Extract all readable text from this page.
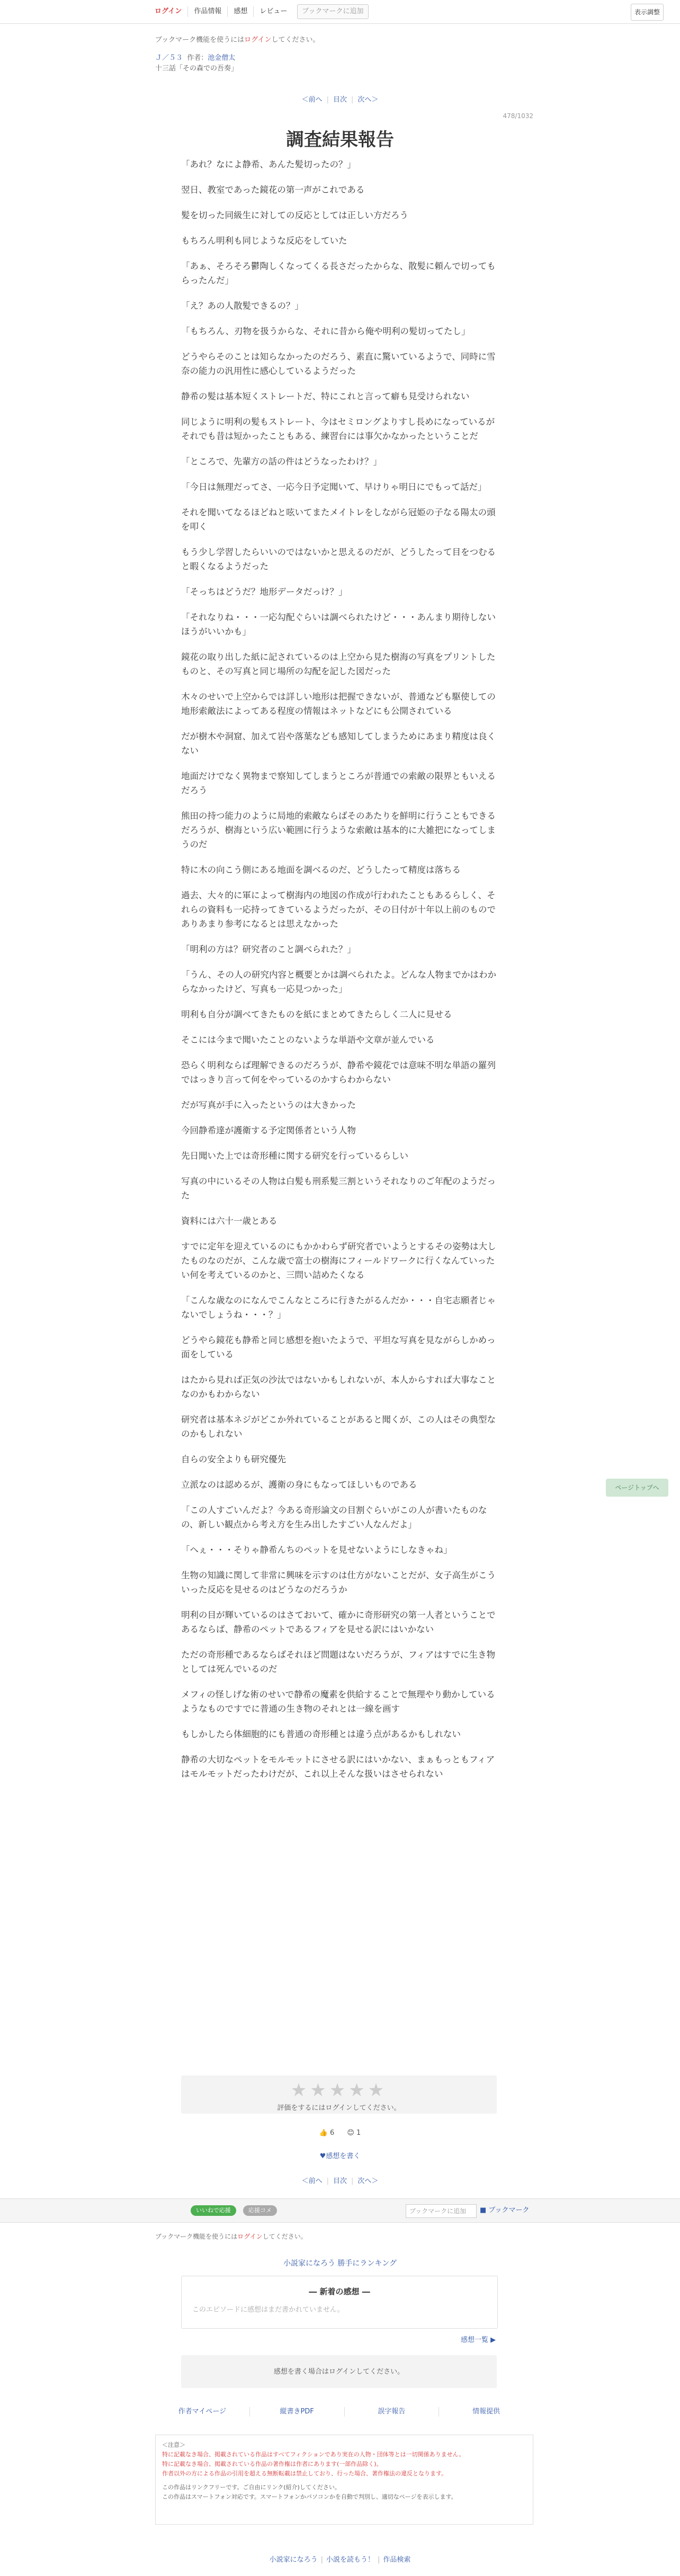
ログイン	作品情報	感想	レビュー	ブックマークに追加	表示調整
ブックマーク機能を使うにはログインしてください。
Ｊ／５３ 作者：池金僧太
十三話「その森での吾奏」
＜前へ | 目次 | 次へ＞
478/1032
調査結果報告

「あれ？なによ静希、あんた髪切ったの？」

翌日、教室であった鏡花の第一声がこれである

髪を切った同級生に対しての反応としては正しい方だろう

もちろん明利も同じような反応をしていた

「あぁ、そろそろ鬱陶しくなってくる長さだったからな、散髪に頼んで切ってもらったんだ」

「え？あの人散髪できるの？」

「もちろん、刃物を扱うからな、それに昔から俺や明利の髪切ってたし」

どうやらそのことは知らなかったのだろう、素直に驚いているようで、同時に雪奈の能力の汎用性に感心しているようだった

静希の髪は基本短くストレートだ、特にこれと言って癖も見受けられない

同じように明利の髪もストレート、今はセミロングよりすし長めになっているがそれでも昔は短かったこともある、練習台には事欠かなかったということだ

「ところで、先輩方の話の件はどうなったわけ？」

「今日は無理だってさ、一応今日予定聞いて、早けりゃ明日にでもって話だ」

それを聞いてなるほどねと呟いてまたメイトレをしながら冠姫の子なる陽太の頭を叩く

もう少し学習したらいいのではないかと思えるのだが、どうしたって目をつむると暇くなるようだった

「そっちはどうだ？地形データだっけ？」

「それなりね・・・一応勾配ぐらいは調べられたけど・・・あんまり期待しないほうがいいかも」

鏡花の取り出した紙に記されているのは上空から見た樹海の写真をプリントしたものと、その写真と同じ場所の勾配を記した図だった

木々のせいで上空からでは詳しい地形は把握できないが、普通なども駆使しての地形索敵法によってある程度の情報はネットなどにも公開されている

だが樹木や洞窟、加えて岩や落葉なども感知してしまうためにあまり精度は良くない

地面だけでなく異物まで察知してしまうところが普通での索敵の限界ともいえるだろう

熊田の持つ能力のように局地的索敵ならばそのあたりを鮮明に行うこともできるだろうが、樹海という広い範囲に行うような索敵は基本的に大雑把になってしまうのだ

特に木の向こう側にある地面を調べるのだ、どうしたって精度は落ちる

過去、大々的に軍によって樹海内の地図の作成が行われたこともあるらしく、それらの資料も一応持ってきているようだったが、その日付が十年以上前のものでありあまり参考になるとは思えなかった

「明利の方は？研究者のこと調べられた？」

「うん、その人の研究内容と概要とかは調べられたよ。どんな人物までかはわからなかったけど、写真も一応見つかった」

明利も自分が調べてきたものを紙にまとめてきたらしく二人に見せる

そこには今まで聞いたことのないような単語や文章が並んでいる

恐らく明利ならば理解できるのだろうが、静希や鏡花では意味不明な単語の羅列ではっきり言って何をやっているのかすらわからない

だが写真が手に入ったというのは大きかった

今回静希達が護衛する予定関係者という人物

先日聞いた上では奇形種に関する研究を行っているらしい

写真の中にいるその人物は白髪も刑系髪三割というそれなりのご年配のようだった

資料には六十一歳とある

すでに定年を迎えているのにもかかわらず研究者でいようとするその姿勢は大したものなのだが、こんな歳で富士の樹海にフィールドワークに行くなんていったい何を考えているのかと、三問い詰めたくなる

「こんな歳なのになんでこんなところに行きたがるんだか・・・自宅志願者じゃないでしょうね・・・？」

どうやら鏡花も静希と同じ感想を抱いたようで、平坦な写真を見ながらしかめっ面をしている

はたから見れば正気の沙汰ではないかもしれないが、本人からすれば大事なことなのかもわからない

研究者は基本ネジがどこか外れていることがあると聞くが、この人はその典型なのかもしれない

自らの安全よりも研究優先

立派なのは認めるが、護衛の身にもなってほしいものである

「この人すごいんだよ？今ある奇形論文の目割ぐらいがこの人が書いたものなの、新しい観点から考え方を生み出したすごい人なんだよ」

「へぇ・・・そりゃ静希んちのペットを見せないようにしなきゃね」

生物の知識に関して非常に興味を示すのは仕方がないことだが、女子高生がこういった反応を見せるのはどうなのだろうか

明利の目が輝いているのはさておいて、確かに奇形研究の第一人者ということであるならば、静希のペットであるフィアを見せる訳にはいかない

ただの奇形種であるならばそれほど問題はないだろうが、フィアはすでに生き物としては死んでいるのだ

メフィの怪しげな術のせいで静希の魔素を供給することで無理やり動かしているようなものですでに普通の生き物のそれとは一線を画す

もしかしたら体細胞的にも普通の奇形種とは違う点があるかもしれない

静希の大切なペットをモルモットにさせる訳にはいかない、まぁもっともフィアはモルモットだったわけだが、これ以上そんな扱いはさせられない

ページトップへ
★★★★★
評価をするにはログインしてください。
👍 6 😊 1
♥感想を書く
＜前へ | 目次 | 次へ＞
いいねで応援	応援コメ	ブックマークに追加	■ ブックマーク
ブックマーク機能を使うにはログインしてください。
小説家になろう 勝手にランキング
― 新着の感想 ―
このエピソードに感想はまだ書かれていません。
感想一覧 ▶
感想を書く場合はログインしてください。
作者マイページ	縦書きPDF	誤字報告	情報提供
＜注意＞
特に記載なき場合、掲載されている作品はすべてフィクションであり実在の人物・団体等とは一切関係ありません。
特に記載なき場合、掲載されている作品の著作権は作者にあります(一部作品除く)。
作者以外の方による作品の引用を超える無断転載は禁止しており、行った場合、著作権法の違反となります。
この作品はリンクフリーです。ご自由にリンク(紹介)してください。
この作品はスマートフォン対応です。スマートフォンかパソコンかを自動で判別し、適切なページを表示します。
小説家になろう | 小説を読もう！ | 作品検索
